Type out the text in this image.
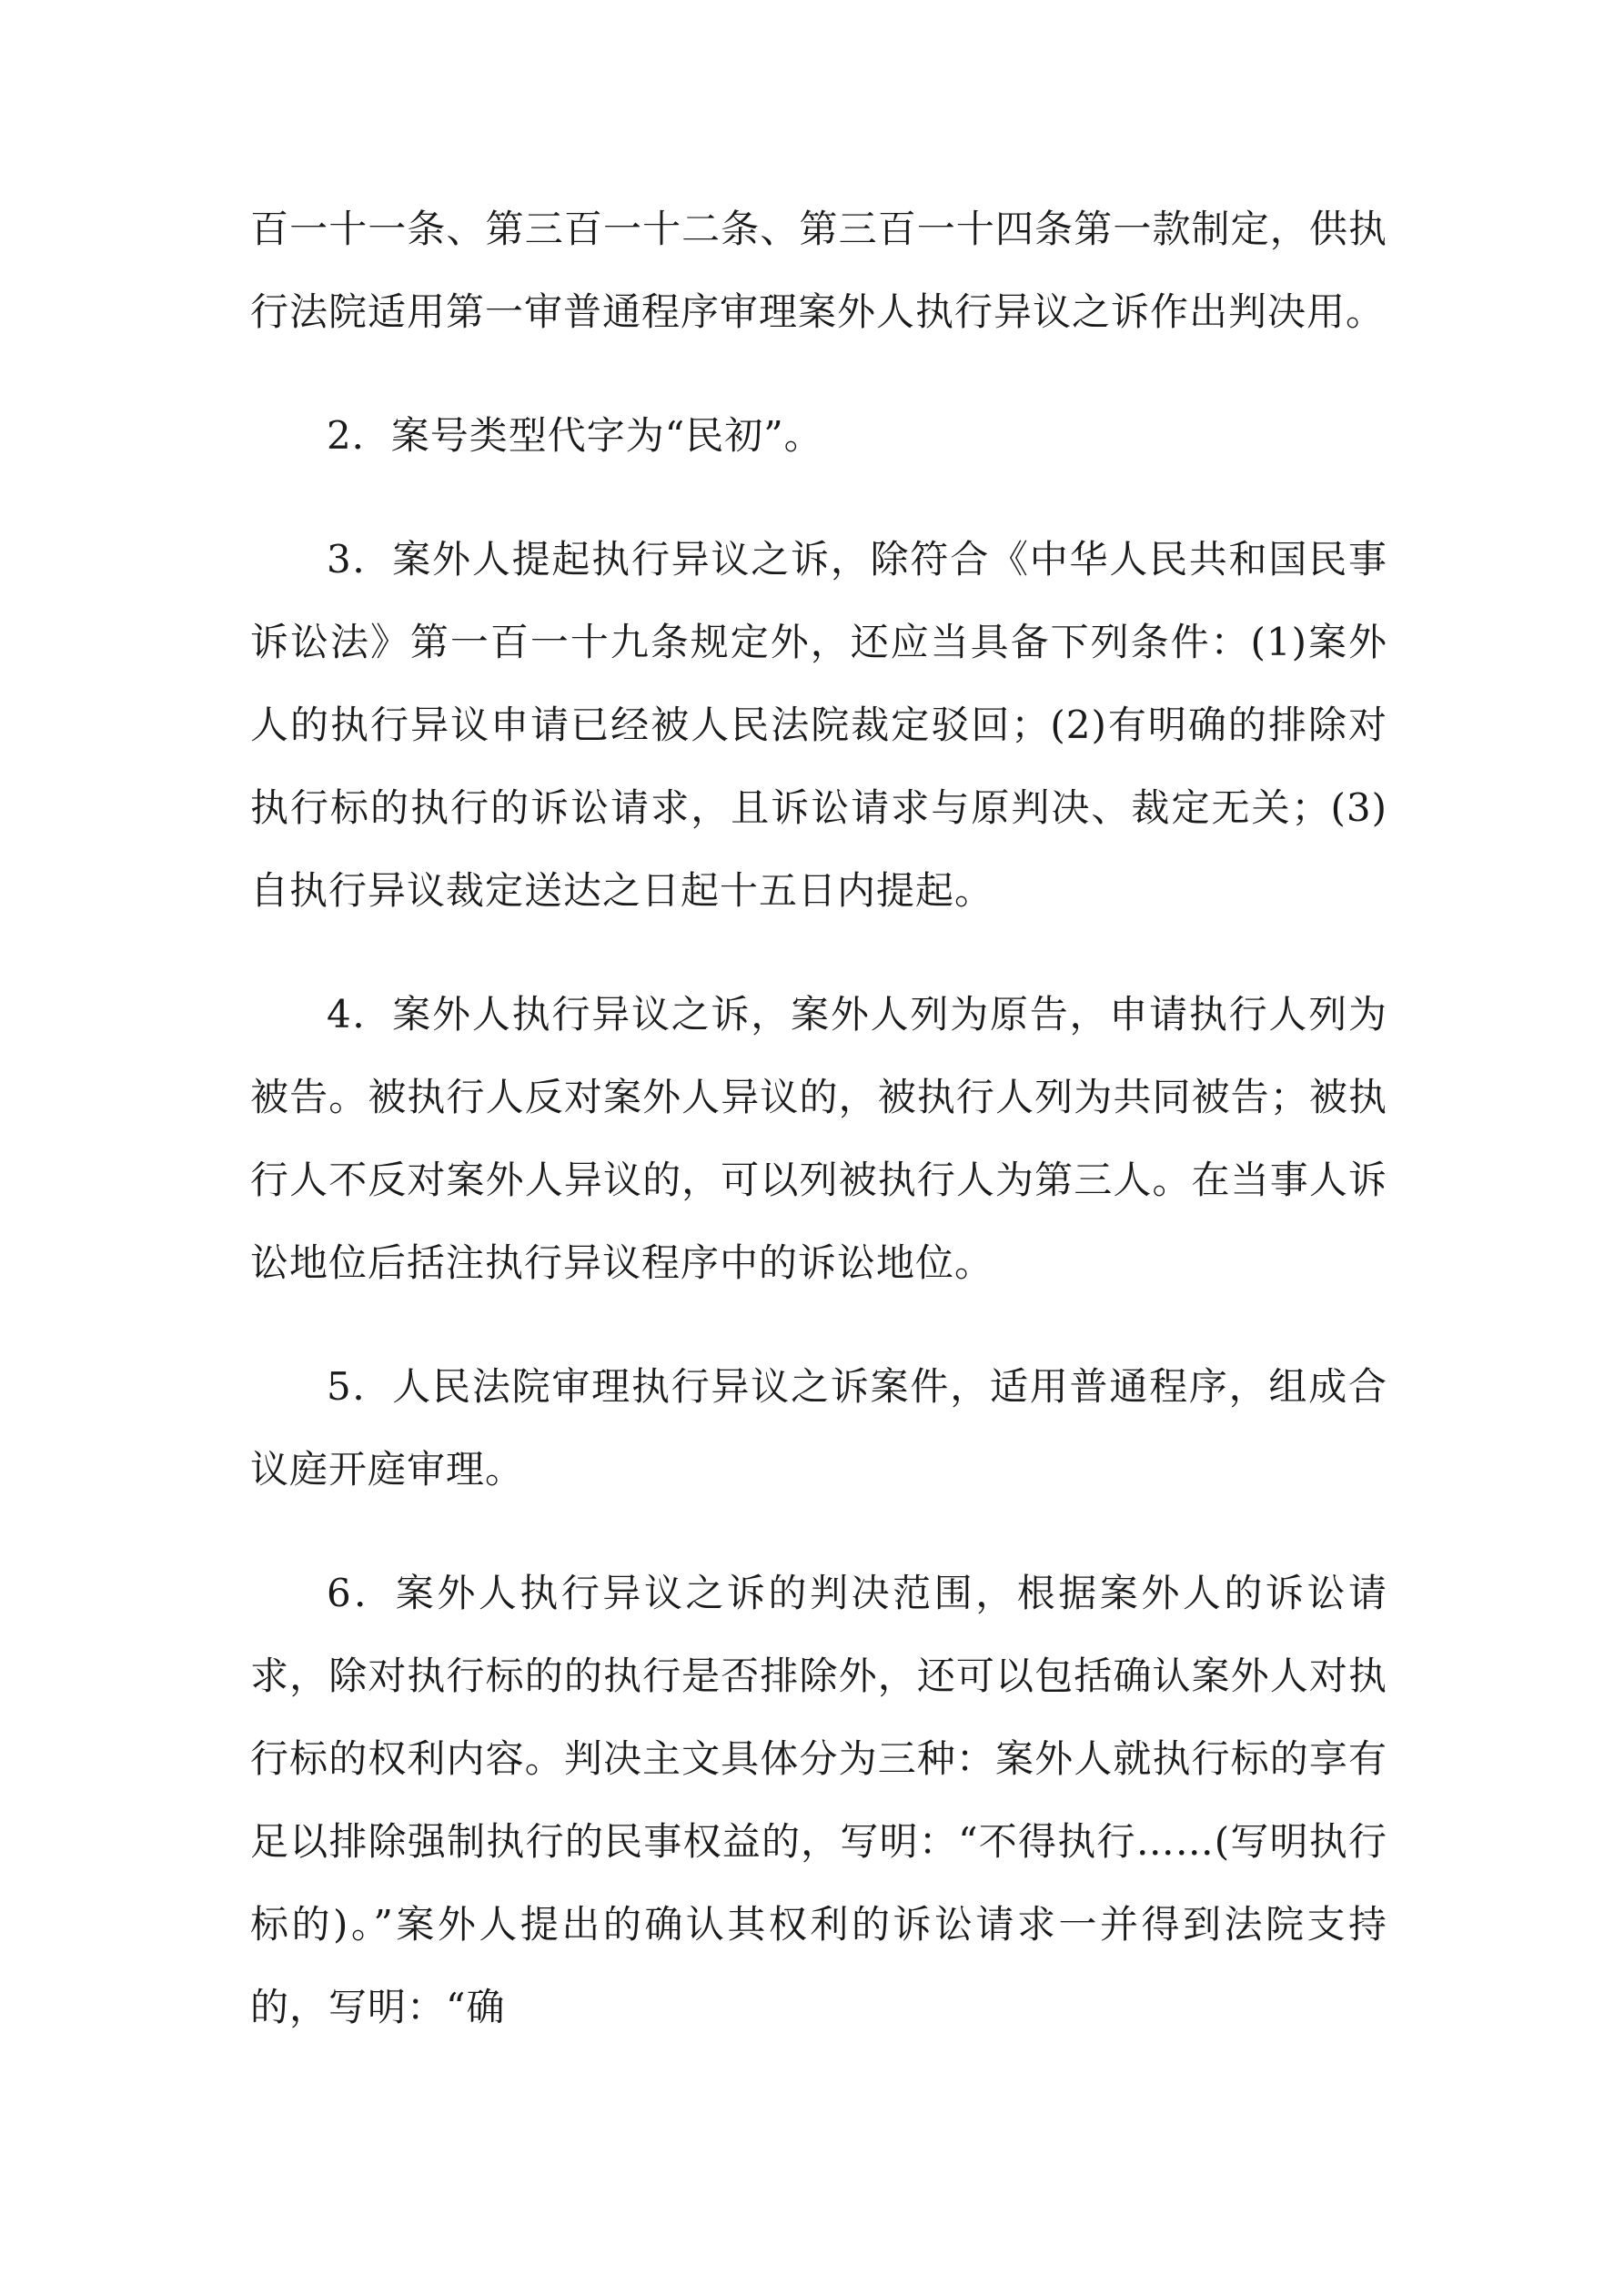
百一十一条、第三百一十二条、第三百一十四条第一款制定，供执行法院适用第一审普通程序审理案外人执行异议之诉作出判决用。

2．案号类型代字为“民初”。

3．案外人提起执行异议之诉，除符合《中华人民共和国民事诉讼法》第一百一十九条规定外，还应当具备下列条件：(1)案外人的执行异议申请已经被人民法院裁定驳回；(2)有明确的排除对执行标的执行的诉讼请求，且诉讼请求与原判决、裁定无关；(3)自执行异议裁定送达之日起十五日内提起。

4．案外人执行异议之诉，案外人列为原告，申请执行人列为被告。被执行人反对案外人异议的，被执行人列为共同被告；被执行人不反对案外人异议的，可以列被执行人为第三人。在当事人诉讼地位后括注执行异议程序中的诉讼地位。

5．人民法院审理执行异议之诉案件，适用普通程序，组成合议庭开庭审理。

6．案外人执行异议之诉的判决范围，根据案外人的诉讼请求，除对执行标的的执行是否排除外，还可以包括确认案外人对执行标的权利内容。判决主文具体分为三种：案外人就执行标的享有足以排除强制执行的民事权益的，写明：“不得执行……(写明执行标的)。”案外人提出的确认其权利的诉讼请求一并得到法院支持的，写明：“确
